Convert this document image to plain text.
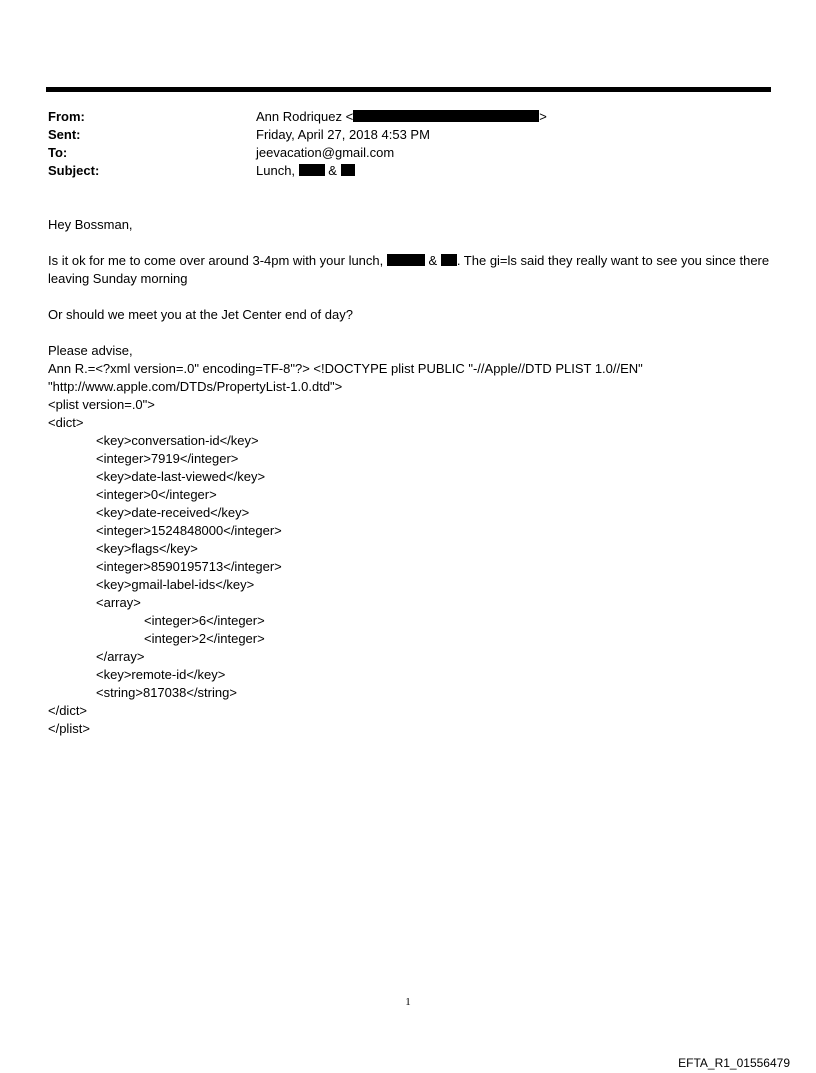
From:	Ann Rodriquez <	>
Sent:	Friday, April 27, 2018 4:53 PM
To:	jeevacation@gmail.com
Subject:	Lunch,	&

Hey Bossman,

Is it ok for me to come over around 3-4pm with your lunch,	& . The gi=ls said they really want to see you since there leaving Sunday morning

Or should we meet you at the Jet Center end of day?

Please advise,

Ann R.=<?xml version=.0" encoding=TF-8"?> <!DOCTYPE plist PUBLIC "-//Apple//DTD PLIST 1.0//EN"
"http://www.apple.com/DTDs/PropertyList-1.0.dtd">
<plist version=.0">
<dict>
<key>conversation-id</key>
<integer>7919</integer>
<key>date-last-viewed</key>
<integer>0</integer>
<key>date-received</key>
<integer>1524848000</integer>
<key>flags</key>
<integer>8590195713</integer>
<key>gmail-label-ids</key>
<array>
<integer>6</integer>
<integer>2</integer>
</array>
<key>remote-id</key>
<string>817038</string>
</dict>
</plist>
1
EFTA_R1_01556479
